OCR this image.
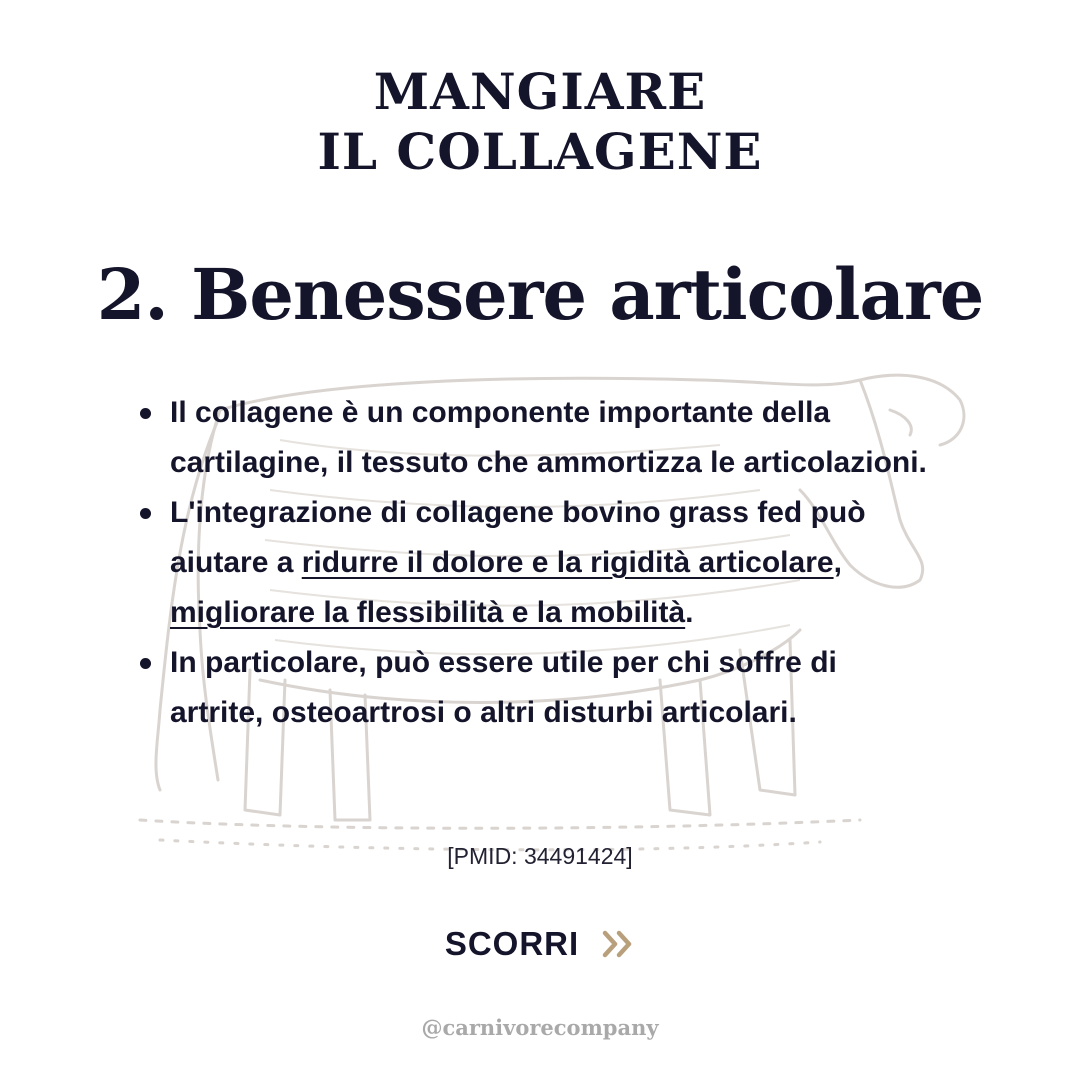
MANGIARE
IL COLLAGENE
2. Benessere articolare
Il collagene è un componente importante della cartilagine, il tessuto che ammortizza le articolazioni.
L'integrazione di collagene bovino grass fed può aiutare a ridurre il dolore e la rigidità articolare, migliorare la flessibilità e la mobilità.
In particolare, può essere utile per chi soffre di artrite, osteoartrosi o altri disturbi articolari.
[PMID: 34491424]
SCORRI
@carnivorecompany
